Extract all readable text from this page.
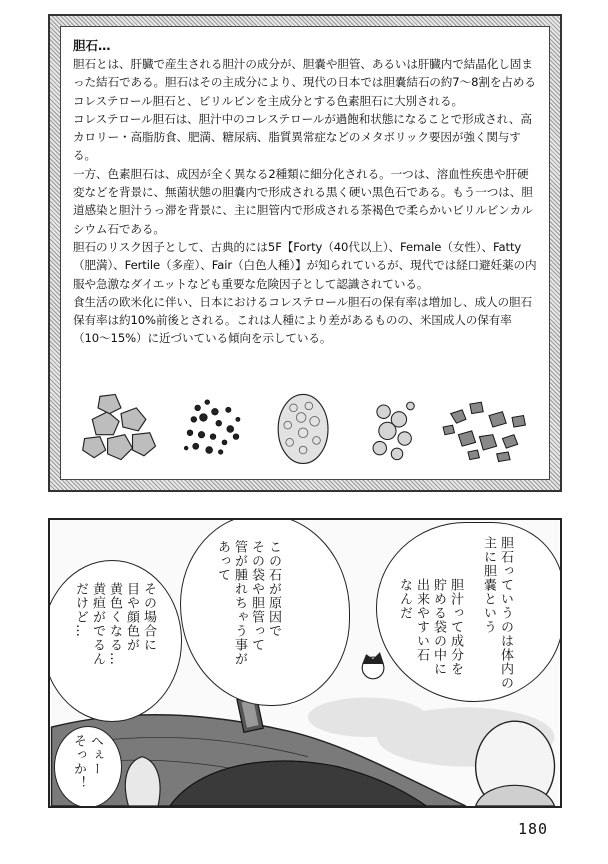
胆石…

胆石とは、肝臓で産生される胆汁の成分が、胆嚢や胆管、あるいは肝臓内で結晶化し固まった結石である。胆石はその主成分により、現代の日本では胆嚢結石の約7〜8割を占めるコレステロール胆石と、ビリルビンを主成分とする色素胆石に大別される。

コレステロール胆石は、胆汁中のコレステロールが過飽和状態になることで形成され、高カロリー・高脂肪食、肥満、糖尿病、脂質異常症などのメタボリック要因が強く関与する。

一方、色素胆石は、成因が全く異なる2種類に細分化される。一つは、溶血性疾患や肝硬変などを背景に、無菌状態の胆嚢内で形成される黒く硬い黒色石である。もう一つは、胆道感染と胆汁うっ滞を背景に、主に胆管内で形成される茶褐色で柔らかいビリルビンカルシウム石である。

胆石のリスク因子として、古典的には5F【Forty（40代以上）、Female（女性）、Fatty（肥満）、Fertile（多産）、Fair（白色人種）】が知られているが、現代では経口避妊薬の内服や急激なダイエットなども重要な危険因子として認識されている。

食生活の欧米化に伴い、日本におけるコレステロール胆石の保有率は増加し、成人の胆石保有率は約10%前後とされる。これは人種により差があるものの、米国成人の保有率（10〜15%）に近づいている傾向を示している。

胆石っていうのは体内の
主に胆嚢という
胆汁って成分を
貯める袋の中に
出来やすい石
なんだ
この石が原因で
その袋や胆管って
管が腫れちゃう事が
あって
その場合に
目や顔色が
黄色くなる…
黄疸がでるん
だけど…
へぇー
そっか！
180
